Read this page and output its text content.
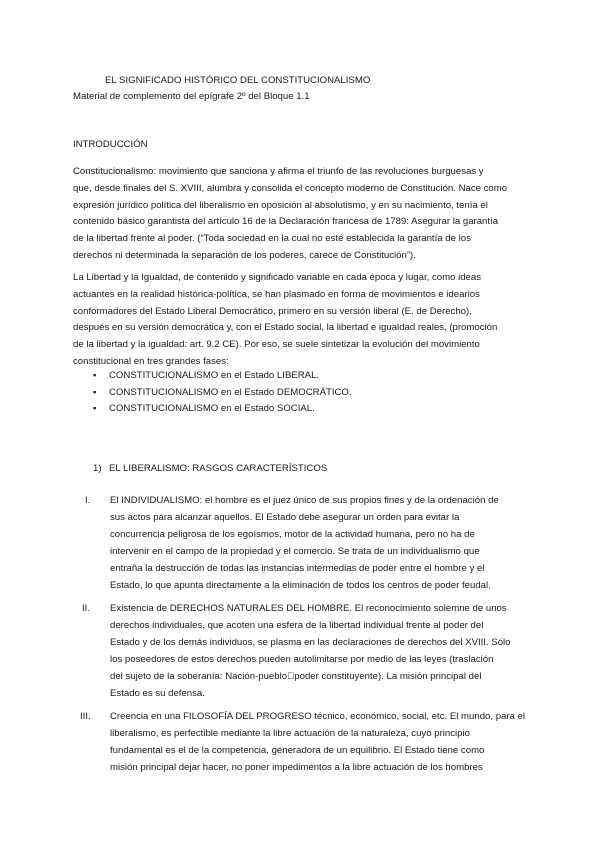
EL SIGNIFICADO HISTÓRICO DEL CONSTITUCIONALISMO
Material de complemento del epígrafe 2º del Bloque 1.1
INTRODUCCIÓN
Constitucionalismo: movimiento que sanciona y afirma el triunfo de las revoluciones burguesas y
que, desde finales del S. XVIII, alumbra y consolida el concepto moderno de Constitución. Nace como
expresión jurídico política del liberalismo en oposición al absolutismo, y en su nacimiento, tenía el
contenido básico garantista del artículo 16 de la Declaración francesa de 1789: Asegurar la garantía
de la libertad frente al poder. (“Toda sociedad en la cual no esté establecida la garantía de los
derechos ni determinada la separación de los poderes, carece de Constitución”).
La Libertad y la Igualdad, de contenido y significado variable en cada época y lugar, como ideas
actuantes en la realidad histórica-política, se han plasmado en forma de movimientos e idearios
conformadores del Estado Liberal Democrático, primero en su versión liberal (E. de Derecho),
después en su versión democrática y, con el Estado social, la libertad e igualdad reales, (promoción
de la libertad y la igualdad: art. 9.2 CE). Por eso, se suele sintetizar la evolución del movimiento
constitucional en tres grandes fases:
▪ CONSTITUCIONALISMO en el Estado LIBERAL.
▪ CONSTITUCIONALISMO en el Estado DEMOCRÁTICO.
▪ CONSTITUCIONALISMO en el Estado SOCIAL.
1) EL LIBERALISMO: RASGOS CARACTERÍSTICOS
I. El INDIVIDUALISMO: el hombre es el juez único de sus propios fines y de la ordenación de
sus actos para alcanzar aquellos. El Estado debe asegurar un orden para evitar la
concurrencia peligrosa de los egoísmos, motor de la actividad humana, pero no ha de
intervenir en el campo de la propiedad y el comercio. Se trata de un individualismo que
entraña la destrucción de todas las instancias intermedias de poder entre el hombre y el
Estado, lo que apunta directamente a la eliminación de todos los centros de poder feudal.
II. Existencia de DERECHOS NATURALES DEL HOMBRE. El reconocimiento solemne de unos
derechos individuales, que acoten una esfera de la libertad individual frente al poder del
Estado y de los demás individuos, se plasma en las declaraciones de derechos del XVIII. Sólo
los poseedores de estos derechos pueden autolimitarse por medio de las leyes (traslación
del sujeto de la soberanía: Nación-pueblo⃞poder constituyente). La misión principal del
Estado es su defensa.
III. Creencia en una FILOSOFÍA DEL PROGRESO técnico, económico, social, etc. El mundo, para el
liberalismo, es perfectible mediante la libre actuación de la naturaleza, cuyo principio
fundamental es el de la competencia, generadora de un equilibrio. El Estado tiene como
misión principal dejar hacer, no poner impedimentos a la libre actuación de los hombres
